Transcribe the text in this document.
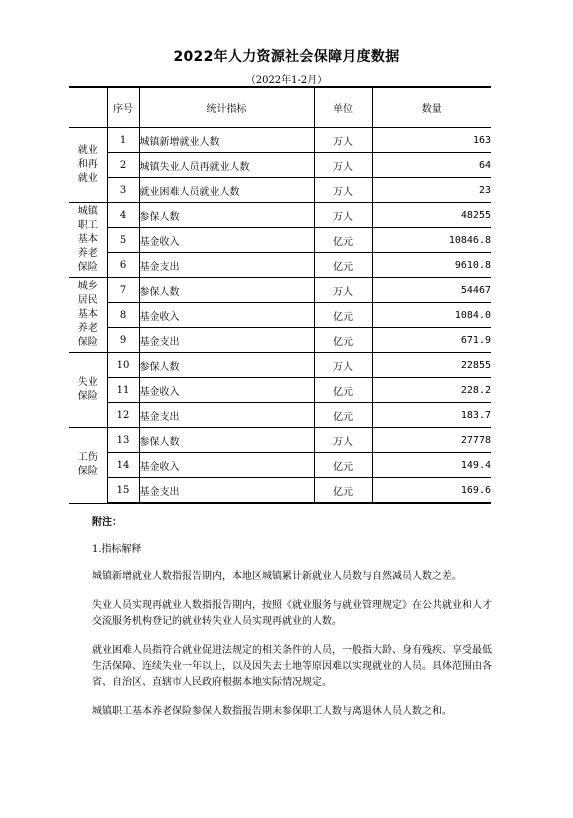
2022年人力资源社会保障月度数据
（2022年1-2月）
	序号	统计指标	单位	数量
就业和再就业	1	城镇新增就业人数	万人	163
	2	城镇失业人员再就业人数	万人	64
	3	就业困难人员就业人数	万人	23
城镇职工基本养老保险	4	参保人数	万人	48255
	5	基金收入	亿元	10846.8
	6	基金支出	亿元	9610.8
城乡居民基本养老保险	7	参保人数	万人	54467
	8	基金收入	亿元	1084.0
	9	基金支出	亿元	671.9
失业保险	10	参保人数	万人	22855
	11	基金收入	亿元	228.2
	12	基金支出	亿元	183.7
工伤保险	13	参保人数	万人	27778
	14	基金收入	亿元	149.4
	15	基金支出	亿元	169.6
附注：
1.指标解释

城镇新增就业人数指报告期内，本地区城镇累计新就业人员数与自然减员人数之差。

失业人员实现再就业人数指报告期内，按照《就业服务与就业管理规定》在公共就业和人才交流服务机构登记的就业转失业人员实现再就业的人数。

就业困难人员指符合就业促进法规定的相关条件的人员，一般指大龄、身有残疾、享受最低生活保障、连续失业一年以上，以及因失去土地等原因难以实现就业的人员。具体范围由各省、自治区、直辖市人民政府根据本地实际情况规定。

城镇职工基本养老保险参保人数指报告期末参保职工人数与离退休人员人数之和。
